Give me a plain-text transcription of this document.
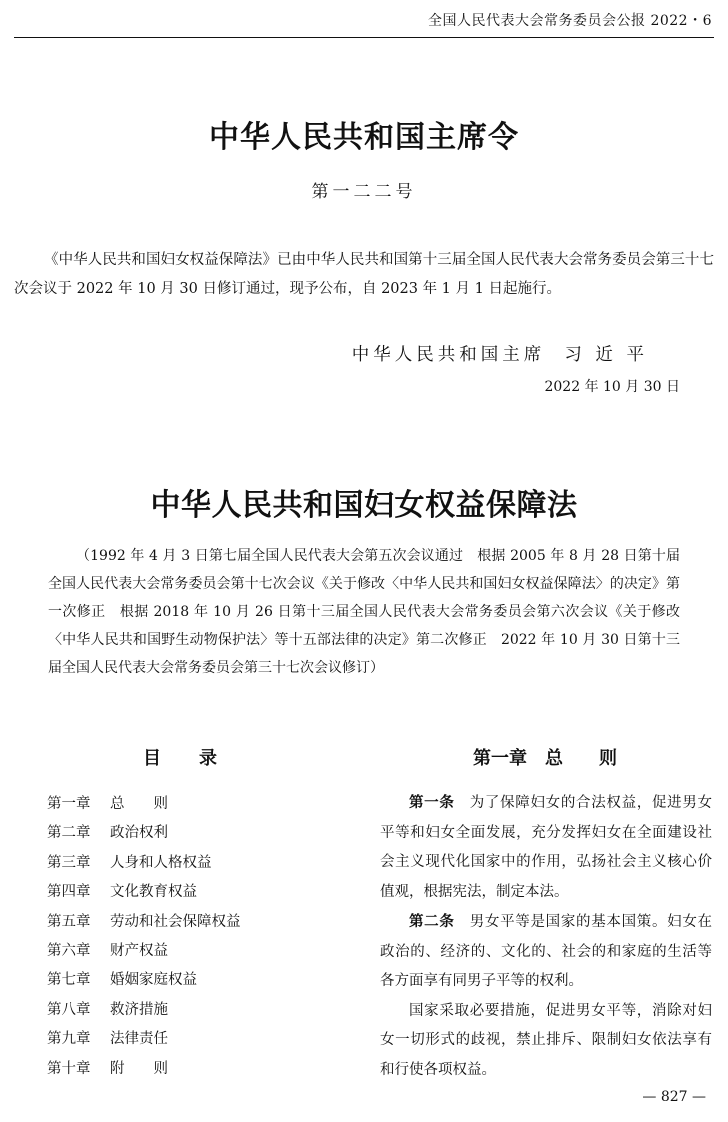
全国人民代表大会常务委员会公报 2022・6
中华人民共和国主席令
第一二二号

《中华人民共和国妇女权益保障法》已由中华人民共和国第十三届全国人民代表大会常务委员会第三十七次会议于 2022 年 10 月 30 日修订通过，现予公布，自 2023 年 1 月 1 日起施行。

中华人民共和国主席  习 近 平
2022 年 10 月 30 日
中华人民共和国妇女权益保障法

（1992 年 4 月 3 日第七届全国人民代表大会第五次会议通过　根据 2005 年 8 月 28 日第十届全国人民代表大会常务委员会第十七次会议《关于修改〈中华人民共和国妇女权益保障法〉的决定》第一次修正　根据 2018 年 10 月 26 日第十三届全国人民代表大会常务委员会第六次会议《关于修改〈中华人民共和国野生动物保护法〉等十五部法律的决定》第二次修正　2022 年 10 月 30 日第十三届全国人民代表大会常务委员会第三十七次会议修订）

目录
第一章 总　　则
第二章 政治权利
第三章 人身和人格权益
第四章 文化教育权益
第五章 劳动和社会保障权益
第六章 财产权益
第七章 婚姻家庭权益
第八章 救济措施
第九章 法律责任
第十章 附　　则
第一章　总　　则

第一条　 为了保障妇女的合法权益，促进男女平等和妇女全面发展，充分发挥妇女在全面建设社会主义现代化国家中的作用，弘扬社会主义核心价值观，根据宪法，制定本法。

第二条　 男女平等是国家的基本国策。妇女在政治的、经济的、文化的、社会的和家庭的生活等各方面享有同男子平等的权利。

国家采取必要措施，促进男女平等，消除对妇女一切形式的歧视，禁止排斥、限制妇女依法享有和行使各项权益。

— 827 —
